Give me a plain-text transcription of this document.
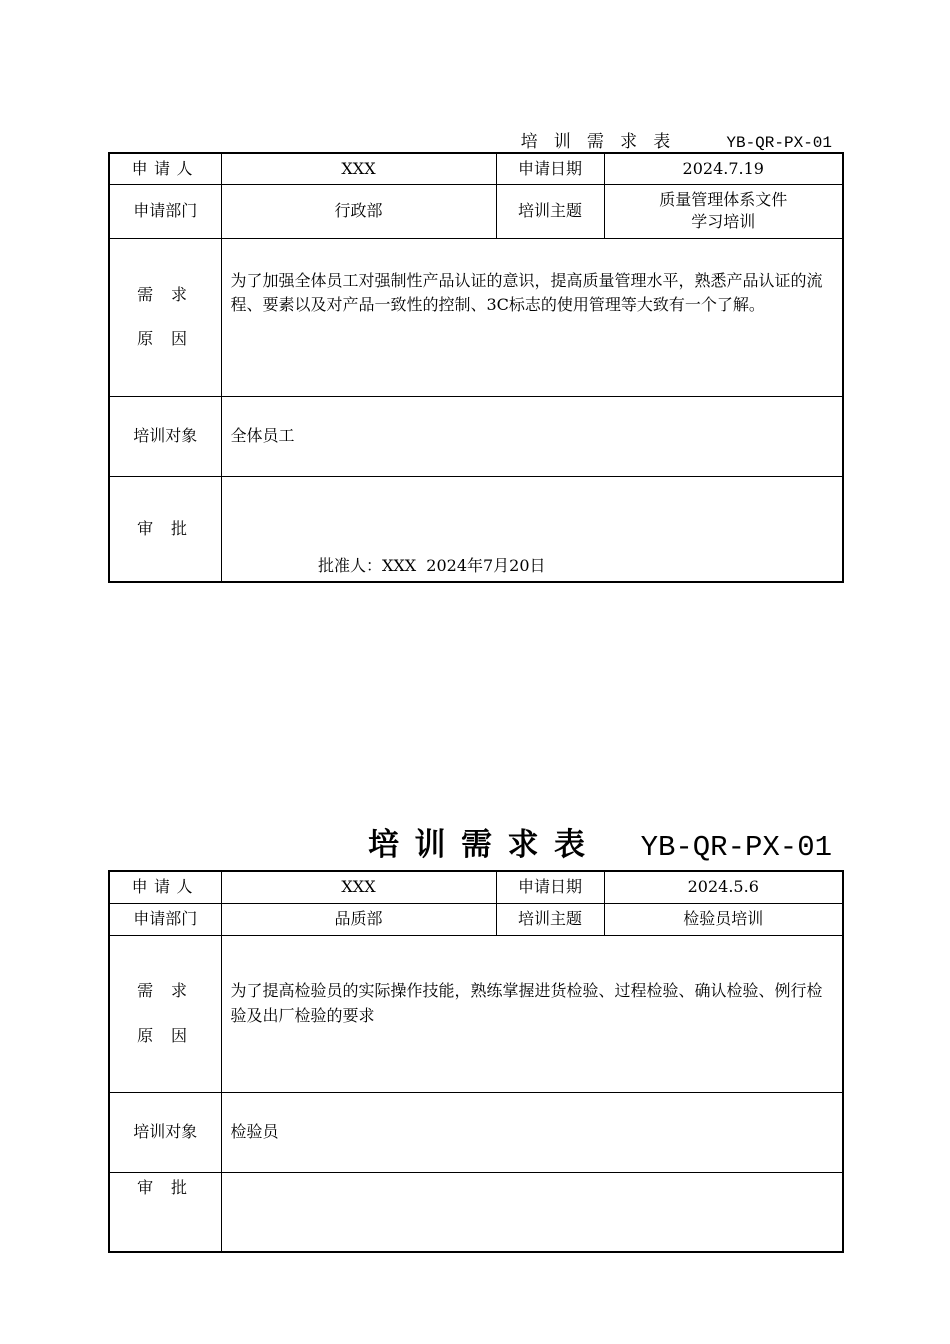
培训需求表	YB-QR-PX-01
申请人	XXX	申请日期	2024.7.19
申请部门	行政部	培训主题	质量管理体系文件
学习培训

需 求
原 因	为了加强全体员工对强制性产品认证的意识，提高质量管理水平，熟悉产品认证的流程、要素以及对产品一致性的控制、3C标志的使用管理等大致有一个了解。		
培训对象	全体员工		
审 批	批准人：XXX  2024年7月20日		
培训需求表 YB-QR-PX-01
申请人	XXX	申请日期	2024.5.6
申请部门	品质部	培训主题	检验员培训

需 求
原 因	为了提高检验员的实际操作技能，熟练掌握进货检验、过程检验、确认检验、例行检验及出厂检验的要求		
培训对象	检验员		
审 批			
